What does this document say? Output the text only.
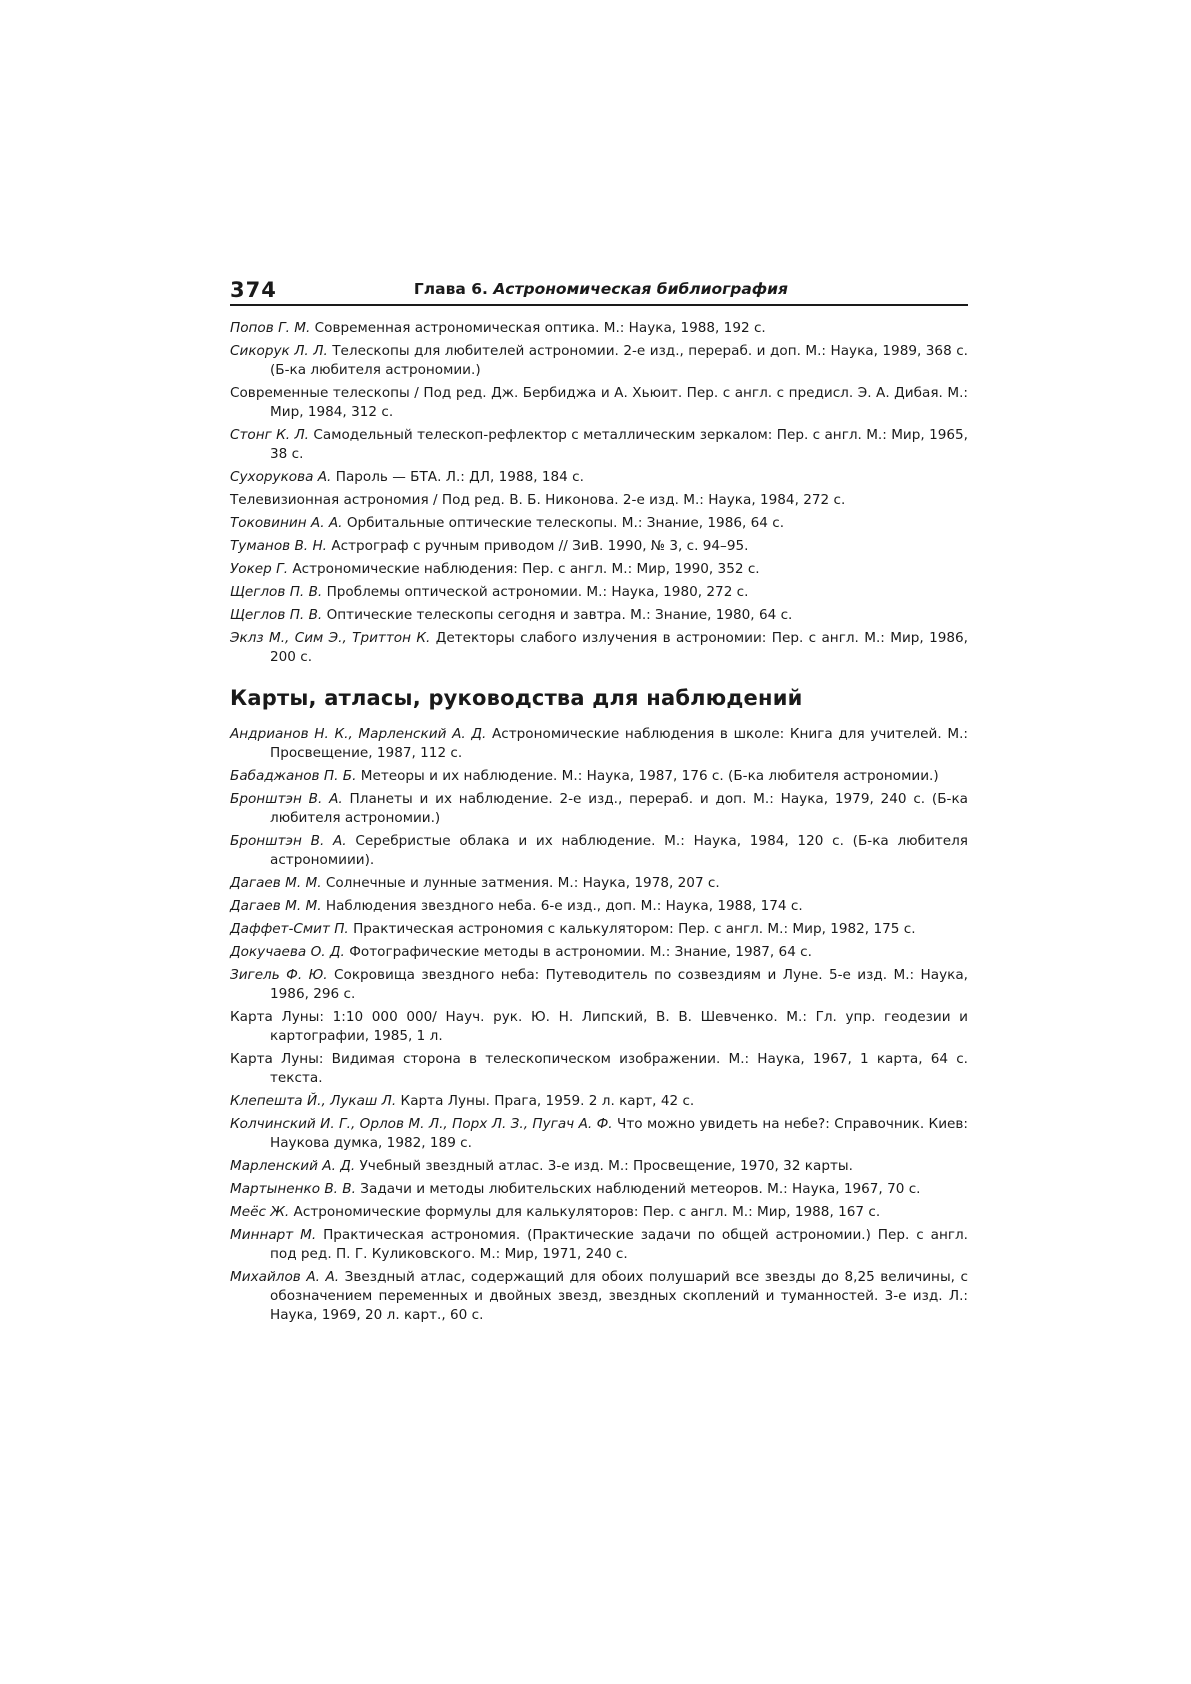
374	Глава 6. Астрономическая библиография

Попов Г. М. Современная астрономическая оптика. М.: Наука, 1988, 192 с.

Сикорук Л. Л. Телескопы для любителей астрономии. 2-е изд., перераб. и доп. М.: Наука, 1989, 368 с. (Б-ка любителя астрономии.)

Современные телескопы / Под ред. Дж. Бербиджа и А. Хьюит. Пер. с англ. с предисл. Э. А. Дибая. М.: Мир, 1984, 312 с.

Стонг К. Л. Самодельный телескоп-рефлектор с металлическим зеркалом: Пер. с англ. М.: Мир, 1965, 38 с.

Сухорукова А. Пароль — БТА. Л.: ДЛ, 1988, 184 с.

Телевизионная астрономия / Под ред. В. Б. Никонова. 2-е изд. М.: Наука, 1984, 272 с.

Токовинин А. А. Орбитальные оптические телескопы. М.: Знание, 1986, 64 с.

Туманов В. Н. Астрограф с ручным приводом // ЗиВ. 1990, № 3, с. 94–95.

Уокер Г. Астрономические наблюдения: Пер. с англ. М.: Мир, 1990, 352 с.

Щеглов П. В. Проблемы оптической астрономии. М.: Наука, 1980, 272 с.

Щеглов П. В. Оптические телескопы сегодня и завтра. М.: Знание, 1980, 64 с.

Эклз М., Сим Э., Триттон К. Детекторы слабого излучения в астрономии: Пер. с англ. М.: Мир, 1986, 200 с.

Карты, атласы, руководства для наблюдений

Андрианов Н. К., Марленский А. Д. Астрономические наблюдения в школе: Книга для учителей. М.: Просвещение, 1987, 112 с.

Бабаджанов П. Б. Метеоры и их наблюдение. М.: Наука, 1987, 176 с. (Б-ка любителя астрономии.)

Бронштэн В. А. Планеты и их наблюдение. 2-е изд., перераб. и доп. М.: Наука, 1979, 240 с. (Б-ка любителя астрономии.)

Бронштэн В. А. Серебристые облака и их наблюдение. М.: Наука, 1984, 120 с. (Б-ка любителя астрономиии).

Дагаев М. М. Солнечные и лунные затмения. М.: Наука, 1978, 207 с.

Дагаев М. М. Наблюдения звездного неба. 6-е изд., доп. М.: Наука, 1988, 174 с.

Даффет-Смит П. Практическая астрономия с калькулятором: Пер. с англ. М.: Мир, 1982, 175 с.

Докучаева О. Д. Фотографические методы в астрономии. М.: Знание, 1987, 64 с.

Зигель Ф. Ю. Сокровища звездного неба: Путеводитель по созвездиям и Луне. 5-е изд. М.: Наука, 1986, 296 с.

Карта Луны: 1:10 000 000/ Науч. рук. Ю. Н. Липский, В. В. Шевченко. М.: Гл. упр. геодезии и картографии, 1985, 1 л.

Карта Луны: Видимая сторона в телескопическом изображении. М.: Наука, 1967, 1 карта, 64 с. текста.

Клепешта Й., Лукаш Л. Карта Луны. Прага, 1959. 2 л. карт, 42 с.

Колчинский И. Г., Орлов М. Л., Порх Л. З., Пугач А. Ф. Что можно увидеть на небе?: Справочник. Киев: Наукова думка, 1982, 189 с.

Марленский А. Д. Учебный звездный атлас. 3-е изд. М.: Просвещение, 1970, 32 карты.

Мартыненко В. В. Задачи и методы любительских наблюдений метеоров. М.: Наука, 1967, 70 с.

Меёс Ж. Астрономические формулы для калькуляторов: Пер. с англ. М.: Мир, 1988, 167 с.

Миннарт М. Практическая астрономия. (Практические задачи по общей астрономии.) Пер. с англ. под ред. П. Г. Куликовского. М.: Мир, 1971, 240 с.

Михайлов А. А. Звездный атлас, содержащий для обоих полушарий все звезды до 8,25 величины, с обозначением переменных и двойных звезд, звездных скоплений и туманностей. 3-е изд. Л.: Наука, 1969, 20 л. карт., 60 с.
